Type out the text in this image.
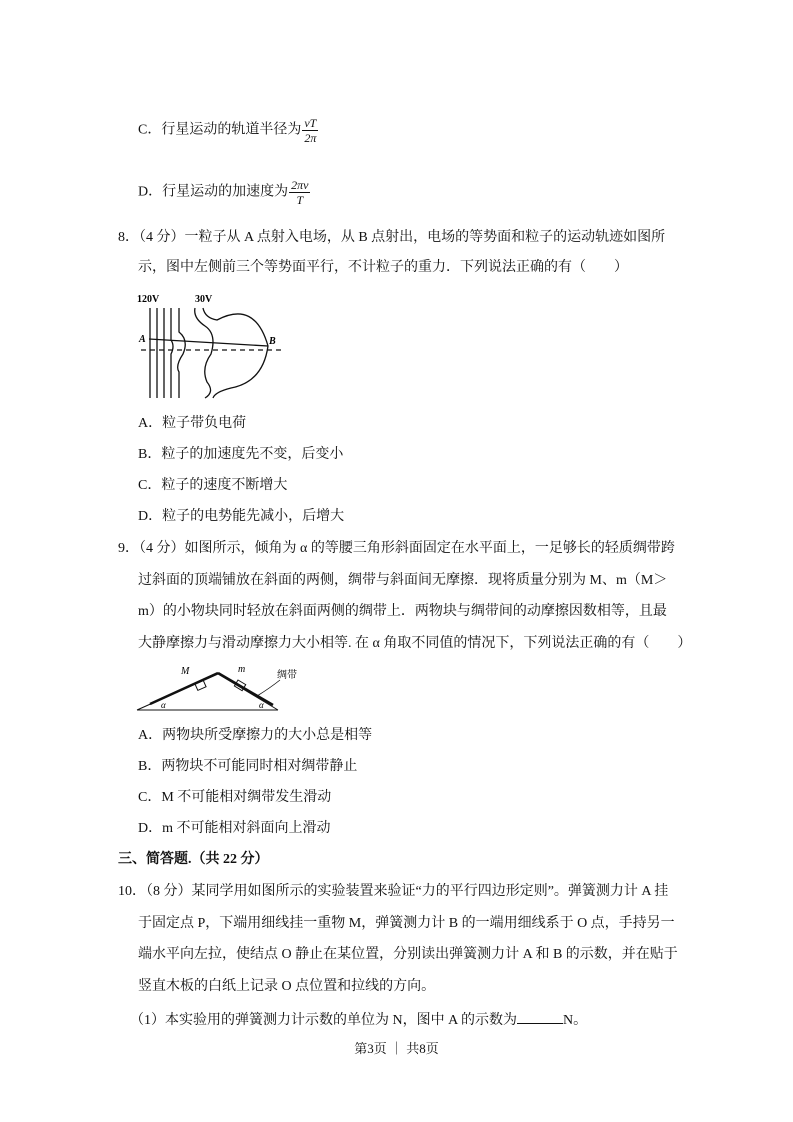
C．行星运动的轨道半径为 $\frac{vT}{2\pi}$
D．行星运动的加速度为 $\frac{2\pi v}{T}$
8．（4 分）一粒子从 A 点射入电场，从 B 点射出，电场的等势面和粒子的运动轨迹如图所
示，图中左侧前三个等势面平行，不计粒子的重力．下列说法正确的有（　　）
120V	30V
A	B
A．粒子带负电荷
B．粒子的加速度先不变，后变小
C．粒子的速度不断增大
D．粒子的电势能先减小，后增大
9．（4 分）如图所示，倾角为 α 的等腰三角形斜面固定在水平面上，一足够长的轻质绸带跨
过斜面的顶端铺放在斜面的两侧，绸带与斜面间无摩擦．现将质量分别为 M、m（M＞
m）的小物块同时轻放在斜面两侧的绸带上．两物块与绸带间的动摩擦因数相等，且最
大静摩擦力与滑动摩擦力大小相等. 在 α 角取不同值的情况下，下列说法正确的有（　　）
M	m
绸带
α	α
A．两物块所受摩擦力的大小总是相等
B．两物块不可能同时相对绸带静止
C．M 不可能相对绸带发生滑动
D．m 不可能相对斜面向上滑动
三、简答题.（共 22 分）
10．（8 分）某同学用如图所示的实验装置来验证“力的平行四边形定则”。弹簧测力计 A 挂
于固定点 P，下端用细线挂一重物 M，弹簧测力计 B 的一端用细线系于 O 点，手持另一
端水平向左拉，使结点 O 静止在某位置，分别读出弹簧测力计 A 和 B 的示数，并在贴于
竖直木板的白纸上记录 O 点位置和拉线的方向。
（1）本实验用的弹簧测力计示数的单位为 N，图中 A 的示数为	N。
第3页 ｜ 共8页
